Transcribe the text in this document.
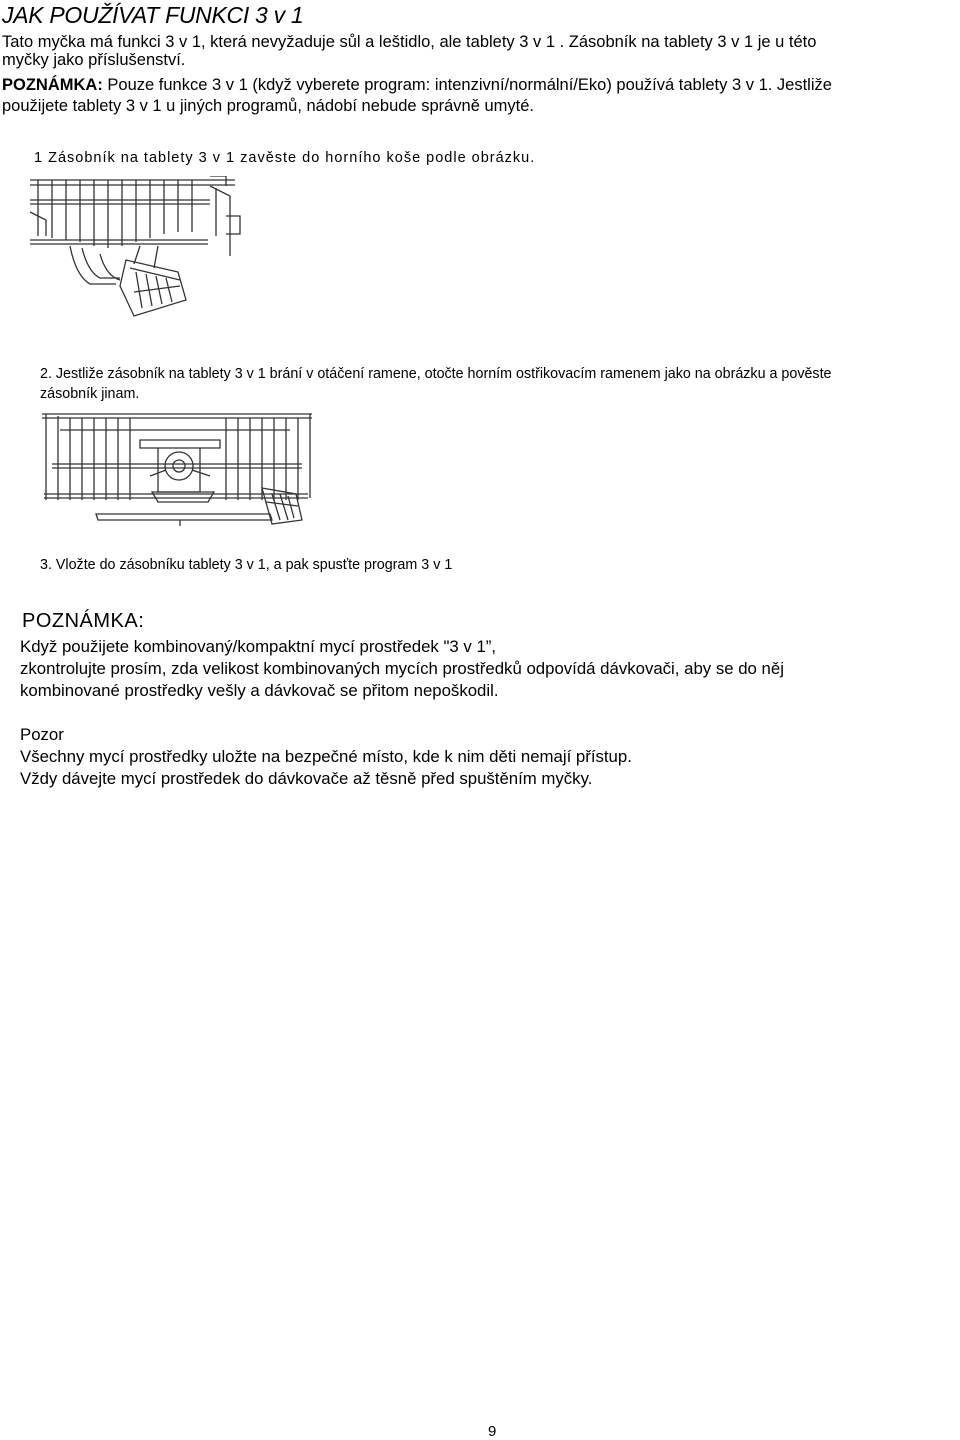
JAK POUŽÍVAT FUNKCI 3 v 1
Tato myčka má funkci 3 v 1, která nevyžaduje sůl a leštidlo, ale tablety 3 v 1 . Zásobník na tablety 3 v 1 je u této
myčky jako příslušenství.
POZNÁMKA: Pouze funkce 3 v 1 (když vyberete program: intenzivní/normální/Eko) používá tablety 3 v 1. Jestliže
použijete tablety 3 v 1 u jiných programů, nádobí nebude správně umyté.
1 Zásobník na tablety 3 v 1 zavěste do horního koše podle obrázku.
2. Jestliže zásobník na tablety 3 v 1 brání v otáčení ramene, otočte horním ostřikovacím ramenem jako na obrázku a pověste
zásobník jinam.
3. Vložte do zásobníku tablety 3 v 1, a pak spusťte program 3 v 1
POZNÁMKA:
Když použijete kombinovaný/kompaktní mycí prostředek "3 v 1”,
zkontrolujte prosím, zda velikost kombinovaných mycích prostředků odpovídá dávkovači, aby se do něj
kombinované prostředky vešly a dávkovač se přitom nepoškodil.
Pozor
Všechny mycí prostředky uložte na bezpečné místo, kde k nim děti nemají přístup.
Vždy dávejte mycí prostředek do dávkovače až těsně před spuštěním myčky.
9
